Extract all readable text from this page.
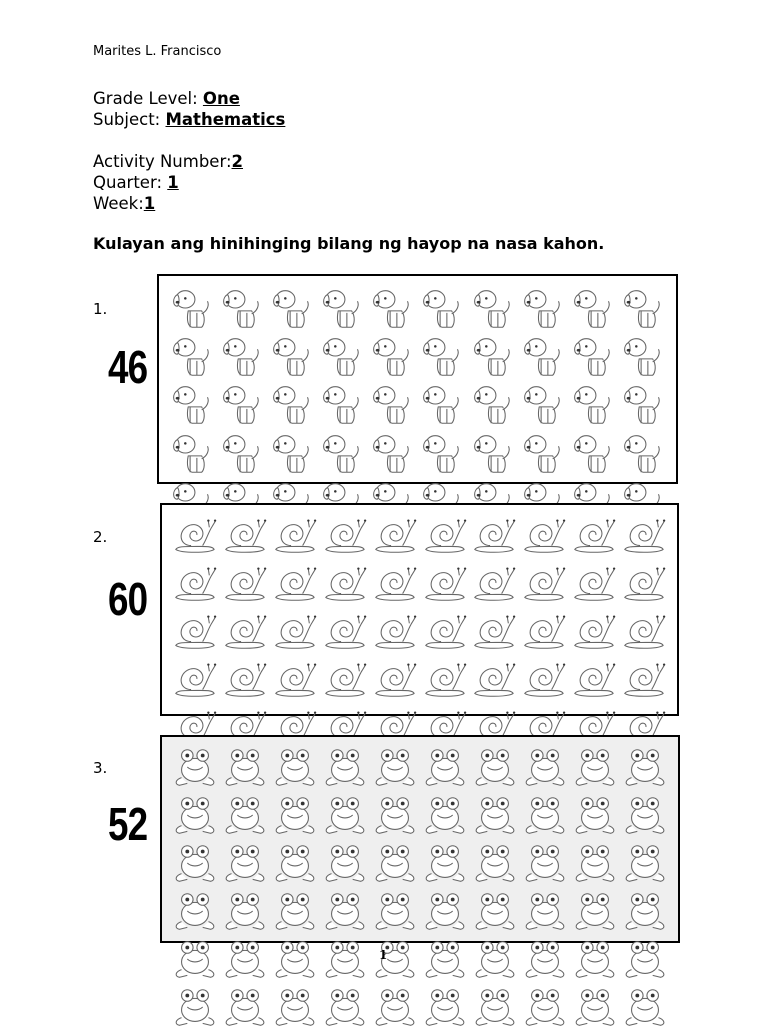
Marites L. Francisco
Grade Level: One
Subject: Mathematics
Activity Number:2
Quarter: 1
Week:1
Kulayan ang hinihinging bilang ng hayop na nasa kahon.
1.
46
2.
60
3.
52
1
